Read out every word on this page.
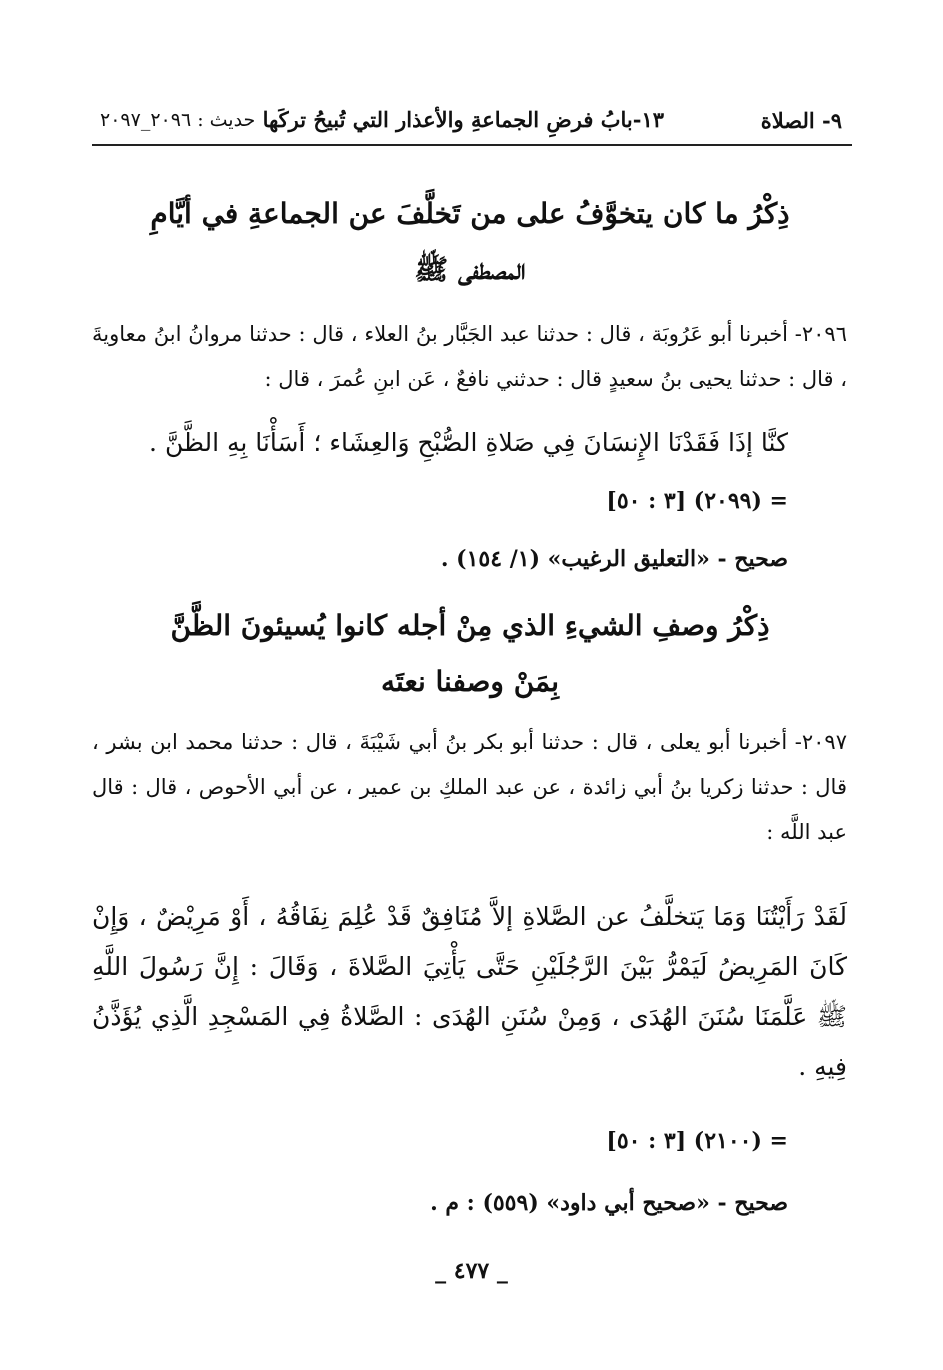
٩- الصلاة
١٣-بابُ فرضِ الجماعةِ والأعذار التي تُبيحُ تركَها
حديث : ٢٠٩٦_٢٠٩٧
ذِكْرُ ما كان يتخوَّفُ على من تَخلَّفَ عن الجماعةِ في أيَّامِ
المصطفى ﷺ
٢٠٩٦- أخبرنا أبو عَرُوبَة ، قال : حدثنا عبد الجَبَّار بنُ العلاء ، قال : حدثنا مروانُ ابنُ معاويةَ ، قال : حدثنا يحيى بنُ سعيدٍ قال : حدثني نافعٌ ، عَن ابنِ عُمرَ ، قال :
كنَّا إذَا فَقَدْنَا الإِنسَانَ فِي صَلاةِ الصُّبْحِ وَالعِشَاء ؛ أَسَأْنَا بِهِ الظَّنَّ .
= (٢٠٩٩) [٣ : ٥٠]
صحيح - «التعليق الرغيب» (١/ ١٥٤) .
ذِكْرُ وصفِ الشيءِ الذي مِنْ أجله كانوا يُسيئونَ الظَّنَّ
بِمَنْ وصفنا نعتَه
٢٠٩٧- أخبرنا أبو يعلى ، قال : حدثنا أبو بكر بنُ أبي شَيْبَةَ ، قال : حدثنا محمد ابن بشر ، قال : حدثنا زكريا بنُ أبي زائدة ، عن عبد الملكِ بن عمير ، عن أبي الأحوص ، قال : قال عبد اللَّه :
لَقَدْ رَأَيْتُنَا وَمَا يَتخلَّفُ عن الصَّلاةِ إلاَّ مُنَافِقٌ قَدْ عُلِمَ نِفَاقُهُ ، أَوْ مَرِيْضٌ ، وَإِنْ كَانَ المَرِيضُ لَيَمْرُّ بَيْنَ الرَّجُلَيْنِ حَتَّى يَأْتِيَ الصَّلاةَ ، وَقَالَ : إِنَّ رَسُولَ اللَّهِ ﷺ عَلَّمَنَا سُنَنَ الهُدَى ، وَمِنْ سُنَنِ الهُدَى : الصَّلاةُ فِي المَسْجِدِ الَّذِي يُؤَذَّنُ فِيهِ .
= (٢١٠٠) [٣ : ٥٠]
صحيح - «صحيح أبي داود» (٥٥٩) : م .
_ ٤٧٧ _
